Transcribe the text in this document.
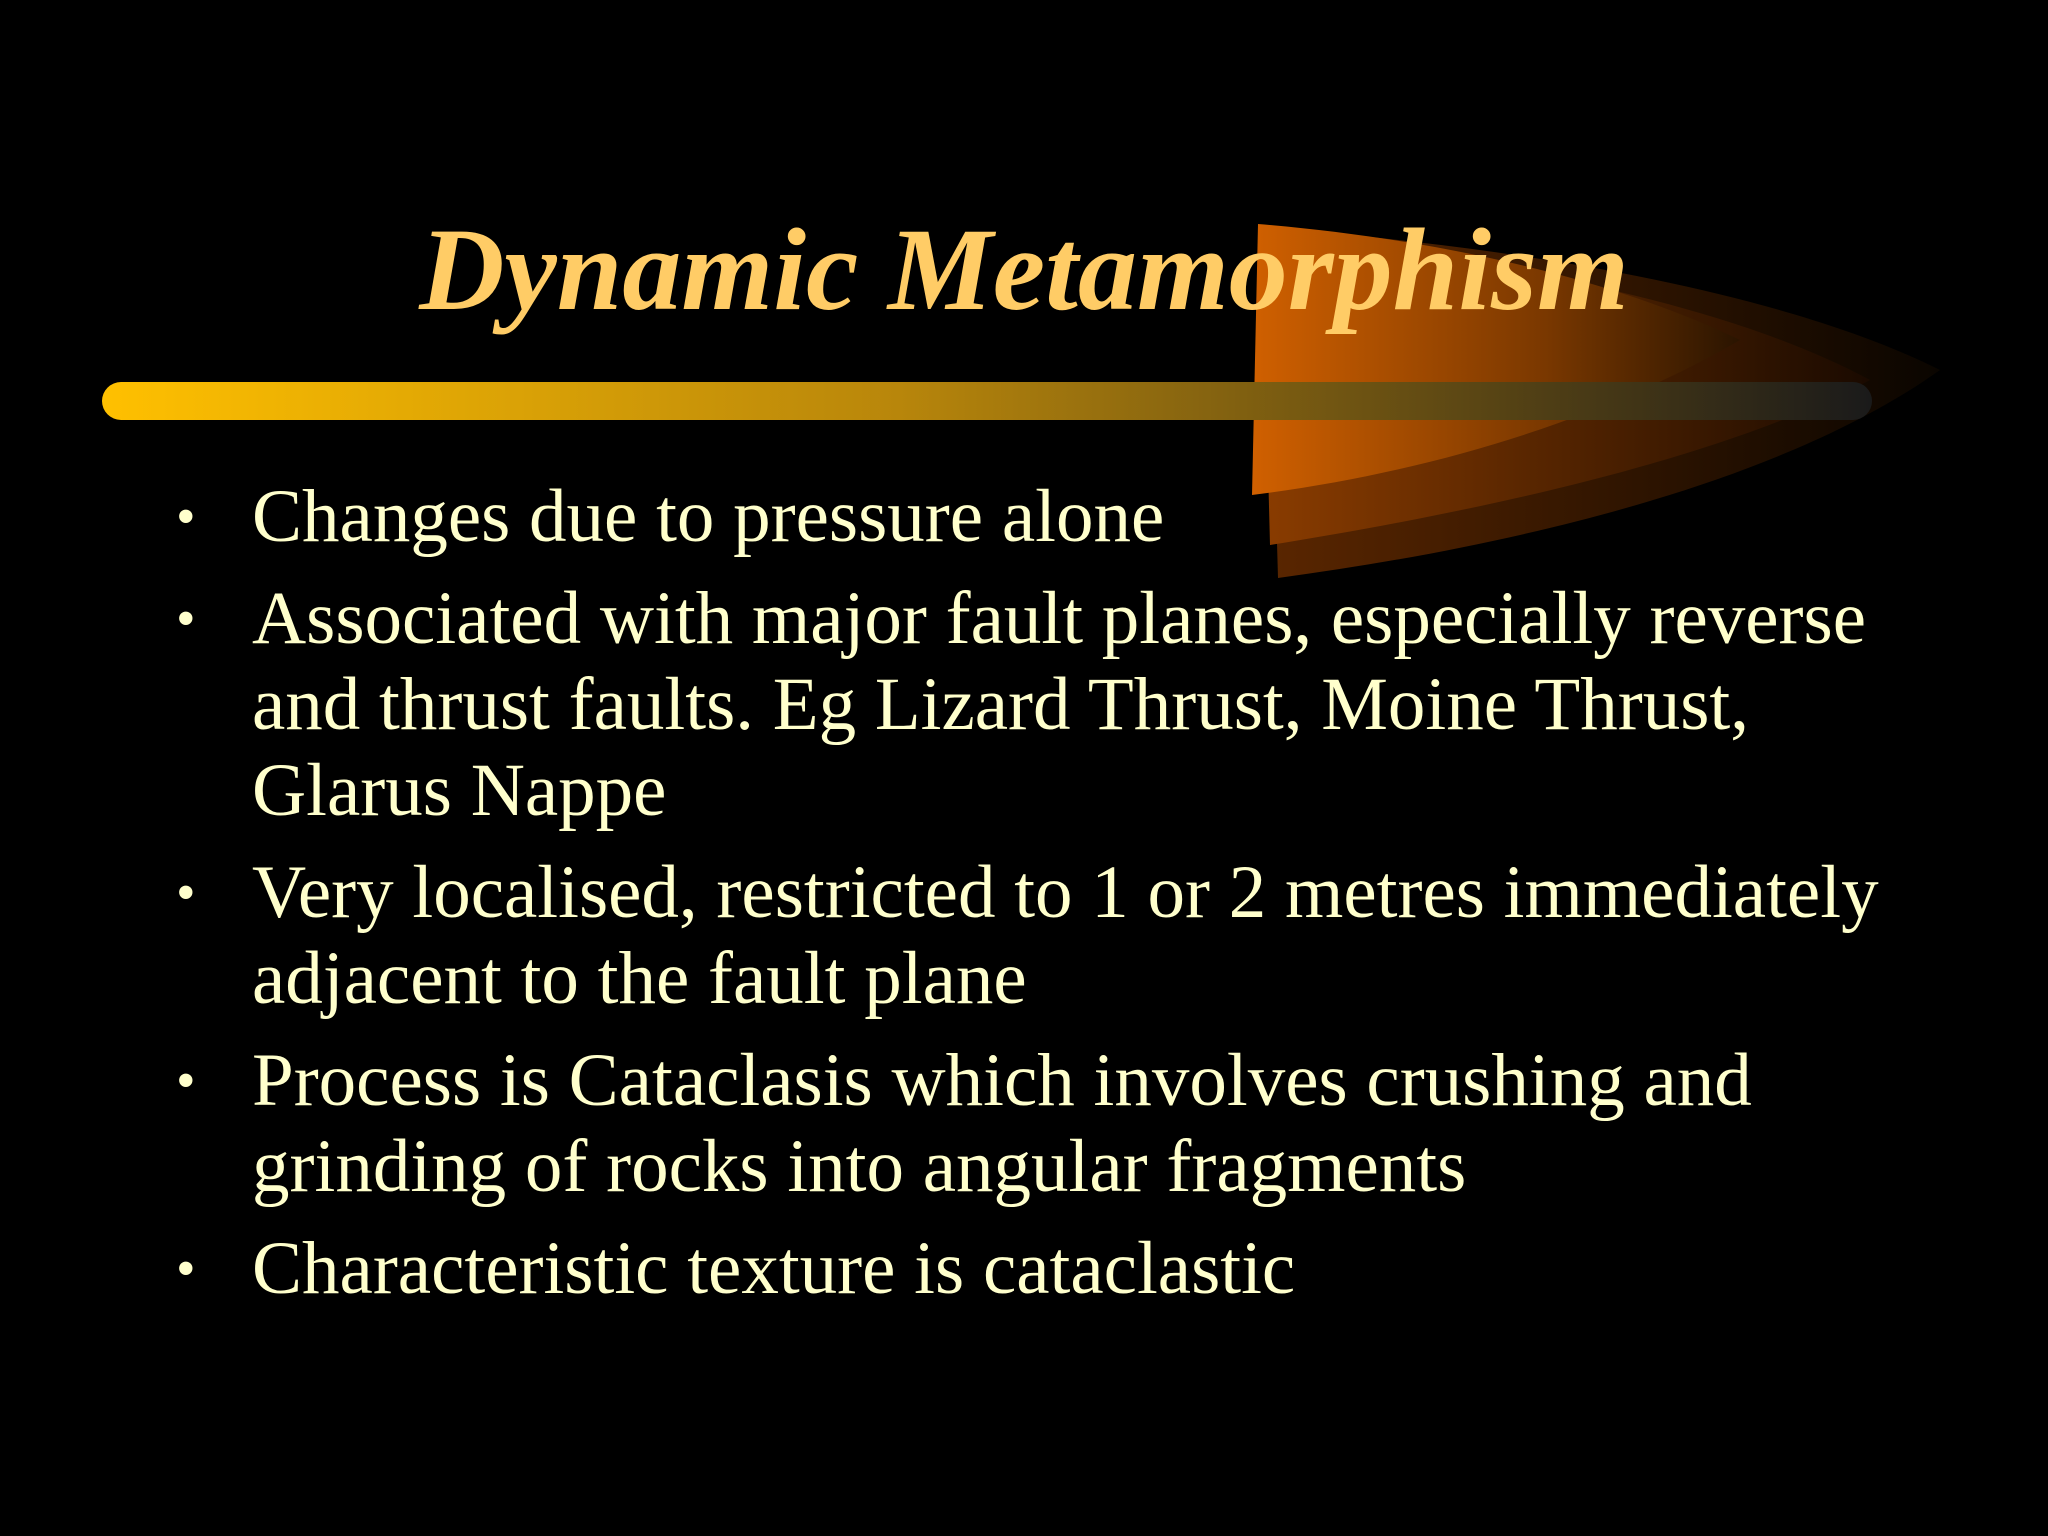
Dynamic Metamorphism
• Changes due to pressure alone
• Associated with major fault planes, especially reverse and thrust faults. Eg Lizard Thrust, Moine Thrust, Glarus Nappe
• Very localised, restricted to 1 or 2 metres immediately adjacent to the fault plane
• Process is Cataclasis which involves crushing and grinding of rocks into angular fragments
• Characteristic texture is cataclastic
